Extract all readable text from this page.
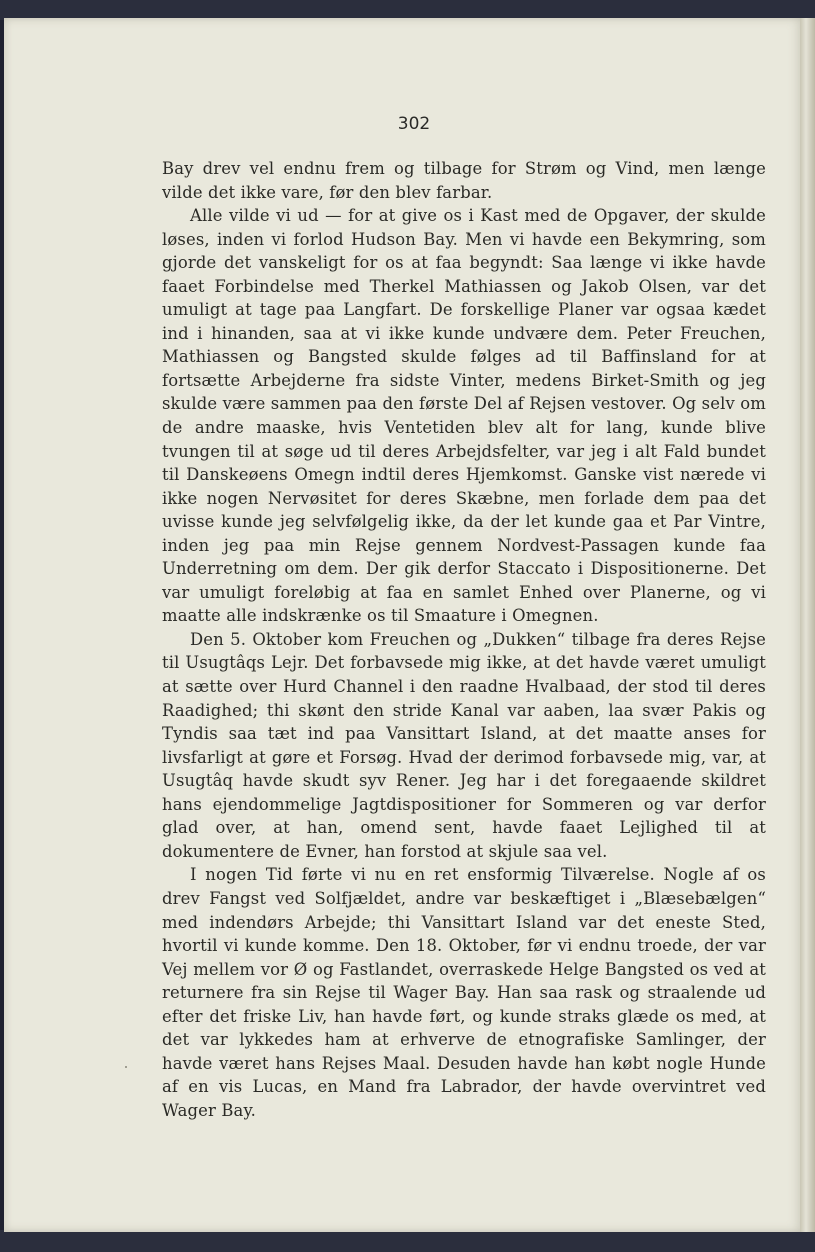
302

Bay drev vel endnu frem og tilbage for Strøm og Vind, men længe vilde det ikke vare, før den blev farbar.

Alle vilde vi ud — for at give os i Kast med de Opgaver, der skulde løses, inden vi forlod Hudson Bay. Men vi havde een Bekymring, som gjorde det vanskeligt for os at faa begyndt: Saa længe vi ikke havde faaet Forbindelse med Therkel Mathiassen og Jakob Olsen, var det umuligt at tage paa Langfart. De forskellige Planer var ogsaa kædet ind i hinanden, saa at vi ikke kunde undvære dem. Peter Freuchen, Mathiassen og Bangsted skulde følges ad til Baffinsland for at fortsætte Arbejderne fra sidste Vinter, medens Birket-Smith og jeg skulde være sammen paa den første Del af Rejsen vestover. Og selv om de andre maaske, hvis Ventetiden blev alt for lang, kunde blive tvungen til at søge ud til deres Arbejdsfelter, var jeg i alt Fald bundet til Danskeøens Omegn indtil deres Hjemkomst. Ganske vist nærede vi ikke nogen Nervøsitet for deres Skæbne, men forlade dem paa det uvisse kunde jeg selvfølgelig ikke, da der let kunde gaa et Par Vintre, inden jeg paa min Rejse gennem Nordvest-Passagen kunde faa Underretning om dem. Der gik derfor Staccato i Dispositionerne. Det var umuligt foreløbig at faa en samlet Enhed over Planerne, og vi maatte alle indskrænke os til Smaature i Omegnen.

Den 5. Oktober kom Freuchen og „Dukken“ tilbage fra deres Rejse til Usugtâqs Lejr. Det forbavsede mig ikke, at det havde været umuligt at sætte over Hurd Channel i den raadne Hvalbaad, der stod til deres Raadighed; thi skønt den stride Kanal var aaben, laa svær Pakis og Tyndis saa tæt ind paa Vansittart Island, at det maatte anses for livsfarligt at gøre et Forsøg. Hvad der derimod forbavsede mig, var, at Usugtâq havde skudt syv Rener. Jeg har i det foregaaende skildret hans ejendommelige Jagtdispositioner for Sommeren og var derfor glad over, at han, omend sent, havde faaet Lejlighed til at dokumentere de Evner, han forstod at skjule saa vel.

I nogen Tid førte vi nu en ret ensformig Tilværelse. Nogle af os drev Fangst ved Solfjældet, andre var beskæftiget i „Blæsebælgen“ med indendørs Arbejde; thi Vansittart Island var det eneste Sted, hvortil vi kunde komme. Den 18. Oktober, før vi endnu troede, der var Vej mellem vor Ø og Fastlandet, overraskede Helge Bangsted os ved at returnere fra sin Rejse til Wager Bay. Han saa rask og straalende ud efter det friske Liv, han havde ført, og kunde straks glæde os med, at det var lykkedes ham at erhverve de etnografiske Samlinger, der havde været hans Rejses Maal. Desuden havde han købt nogle Hunde af en vis Lucas, en Mand fra Labrador, der havde overvintret ved Wager Bay.
